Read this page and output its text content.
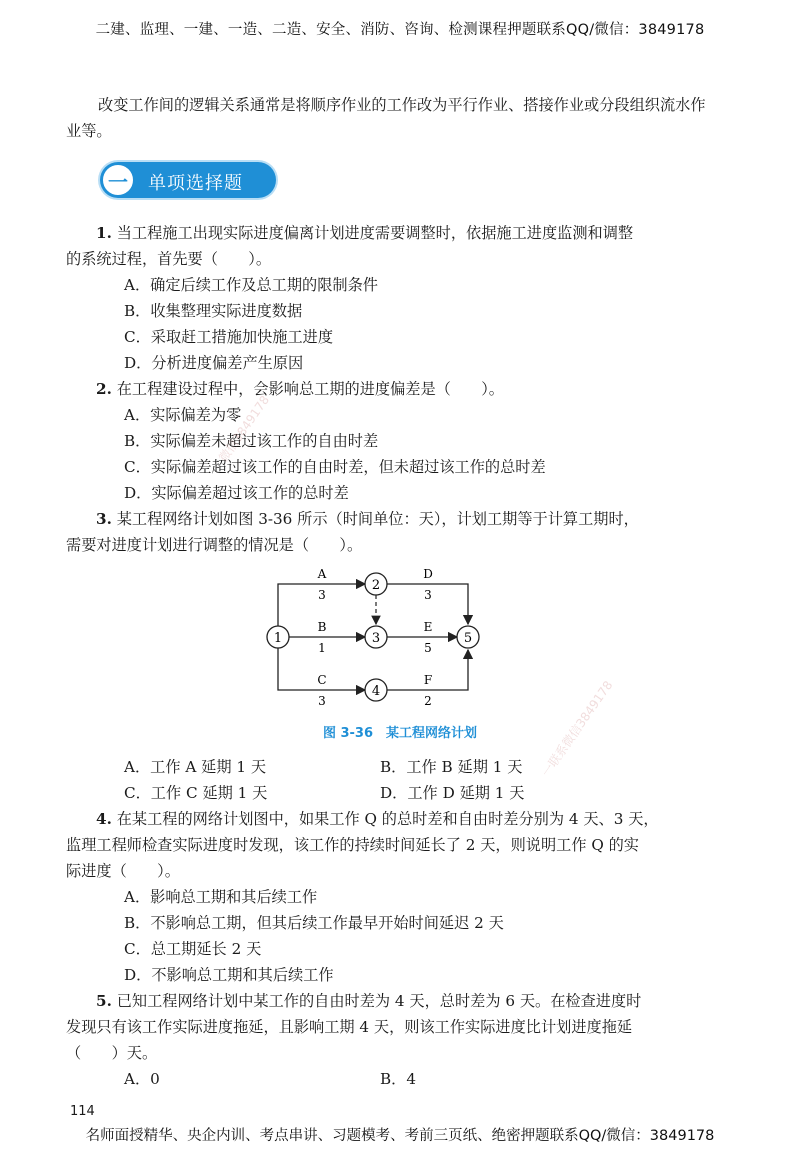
二建、监理、一建、一造、二造、安全、消防、咨询、检测课程押题联系QQ/微信：3849178
改变工作间的逻辑关系通常是将顺序作业的工作改为平行作业、搭接作业或分段组织流水作业等。
一	单项选择题
1. 当工程施工出现实际进度偏离计划进度需要调整时，依据施工进度监测和调整
的系统过程，首先要（　　）。
A．确定后续工作及总工期的限制条件
B．收集整理实际进度数据
C．采取赶工措施加快施工进度
D．分析进度偏差产生原因
2. 在工程建设过程中，会影响总工期的进度偏差是（　　）。
A．实际偏差为零
B．实际偏差未超过该工作的自由时差
C．实际偏差超过该工作的自由时差，但未超过该工作的总时差
D．实际偏差超过该工作的总时差
3. 某工程网络计划如图 3-36 所示（时间单位：天），计划工期等于计算工期时，
需要对进度计划进行调整的情况是（　　）。
1
2
3
4
5
A
3
D
3
B
1
E
5
C
3
F
2
图 3-36　某工程网络计划
A．工作 A 延期 1 天	B．工作 B 延期 1 天
C．工作 C 延期 1 天	D．工作 D 延期 1 天
4. 在某工程的网络计划图中，如果工作 Q 的总时差和自由时差分别为 4 天、3 天，
监理工程师检查实际进度时发现，该工作的持续时间延长了 2 天，则说明工作 Q 的实
际进度（　　）。
A．影响总工期和其后续工作
B．不影响总工期，但其后续工作最早开始时间延迟 2 天
C．总工期延长 2 天
D．不影响总工期和其后续工作
5. 已知工程网络计划中某工作的自由时差为 4 天，总时差为 6 天。在检查进度时
发现只有该工作实际进度拖延，且影响工期 4 天，则该工作实际进度比计划进度拖延
（　　）天。
A．0	B．4
微信3849178
一联系微信3849178
114
名师面授精华、央企内训、考点串讲、习题模考、考前三页纸、绝密押题联系QQ/微信：3849178
